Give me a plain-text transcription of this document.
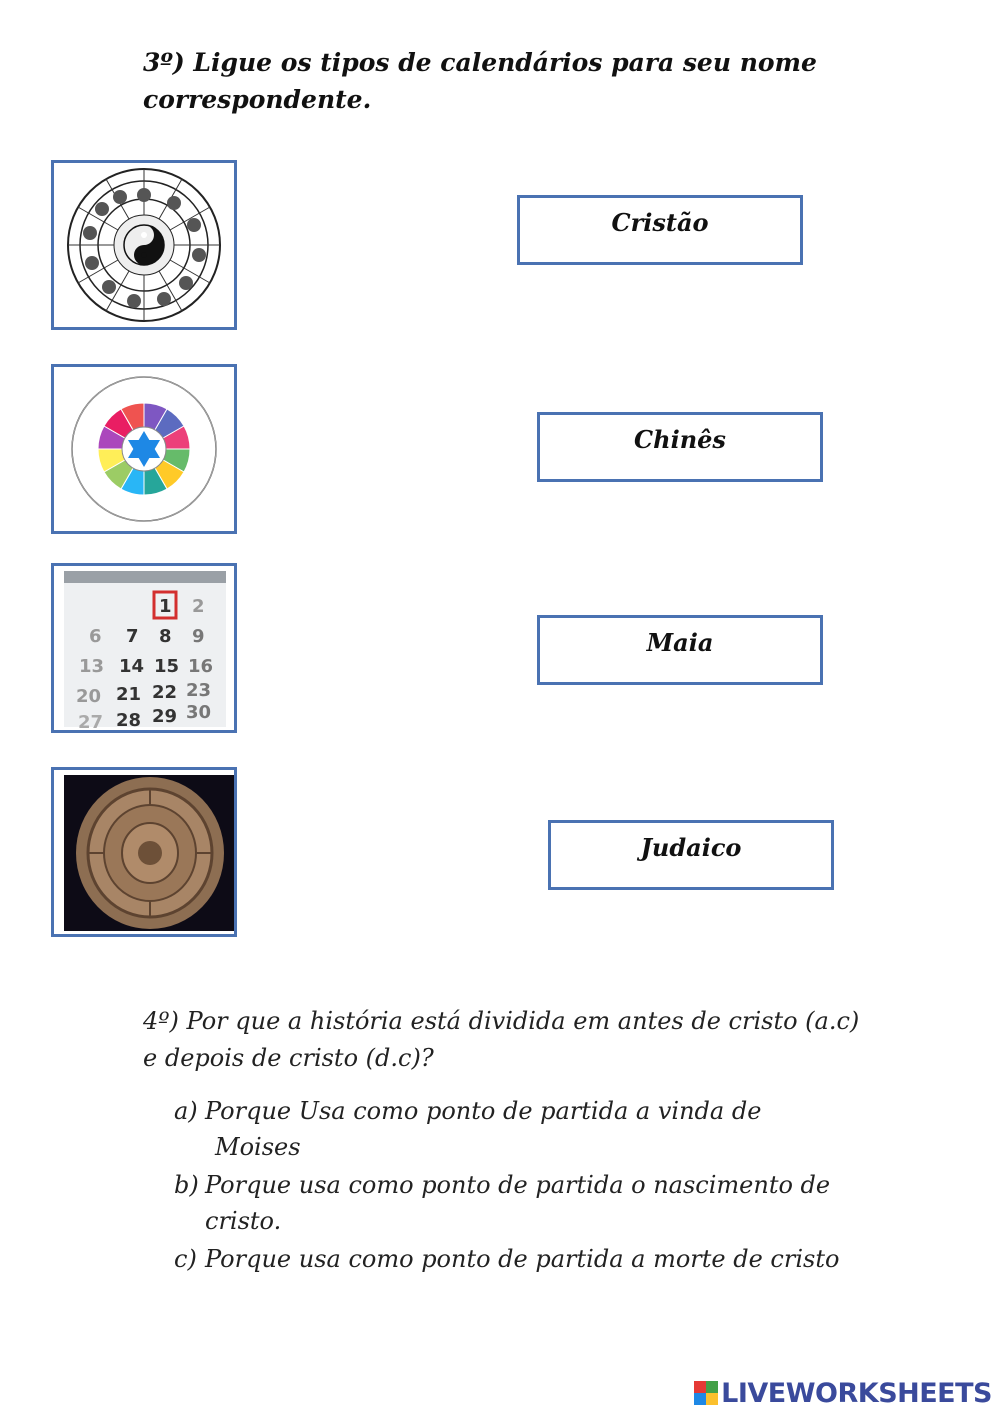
3º) Ligue os tipos de calendários para seu nome correspondente.
1 2
6 7 8 9
13 14 15 16
20 21 22 23
27 28 29 30
Cristão
Chinês
Maia
Judaico
4º) Por que a história está dividida em antes de cristo (a.c) e depois de cristo (d.c)?
a) Porque Usa como ponto de partida a vinda de Moises
b) Porque usa como ponto de partida o nascimento de cristo.
c) Porque usa como ponto de partida a morte de cristo
LIVEWORKSHEETS
